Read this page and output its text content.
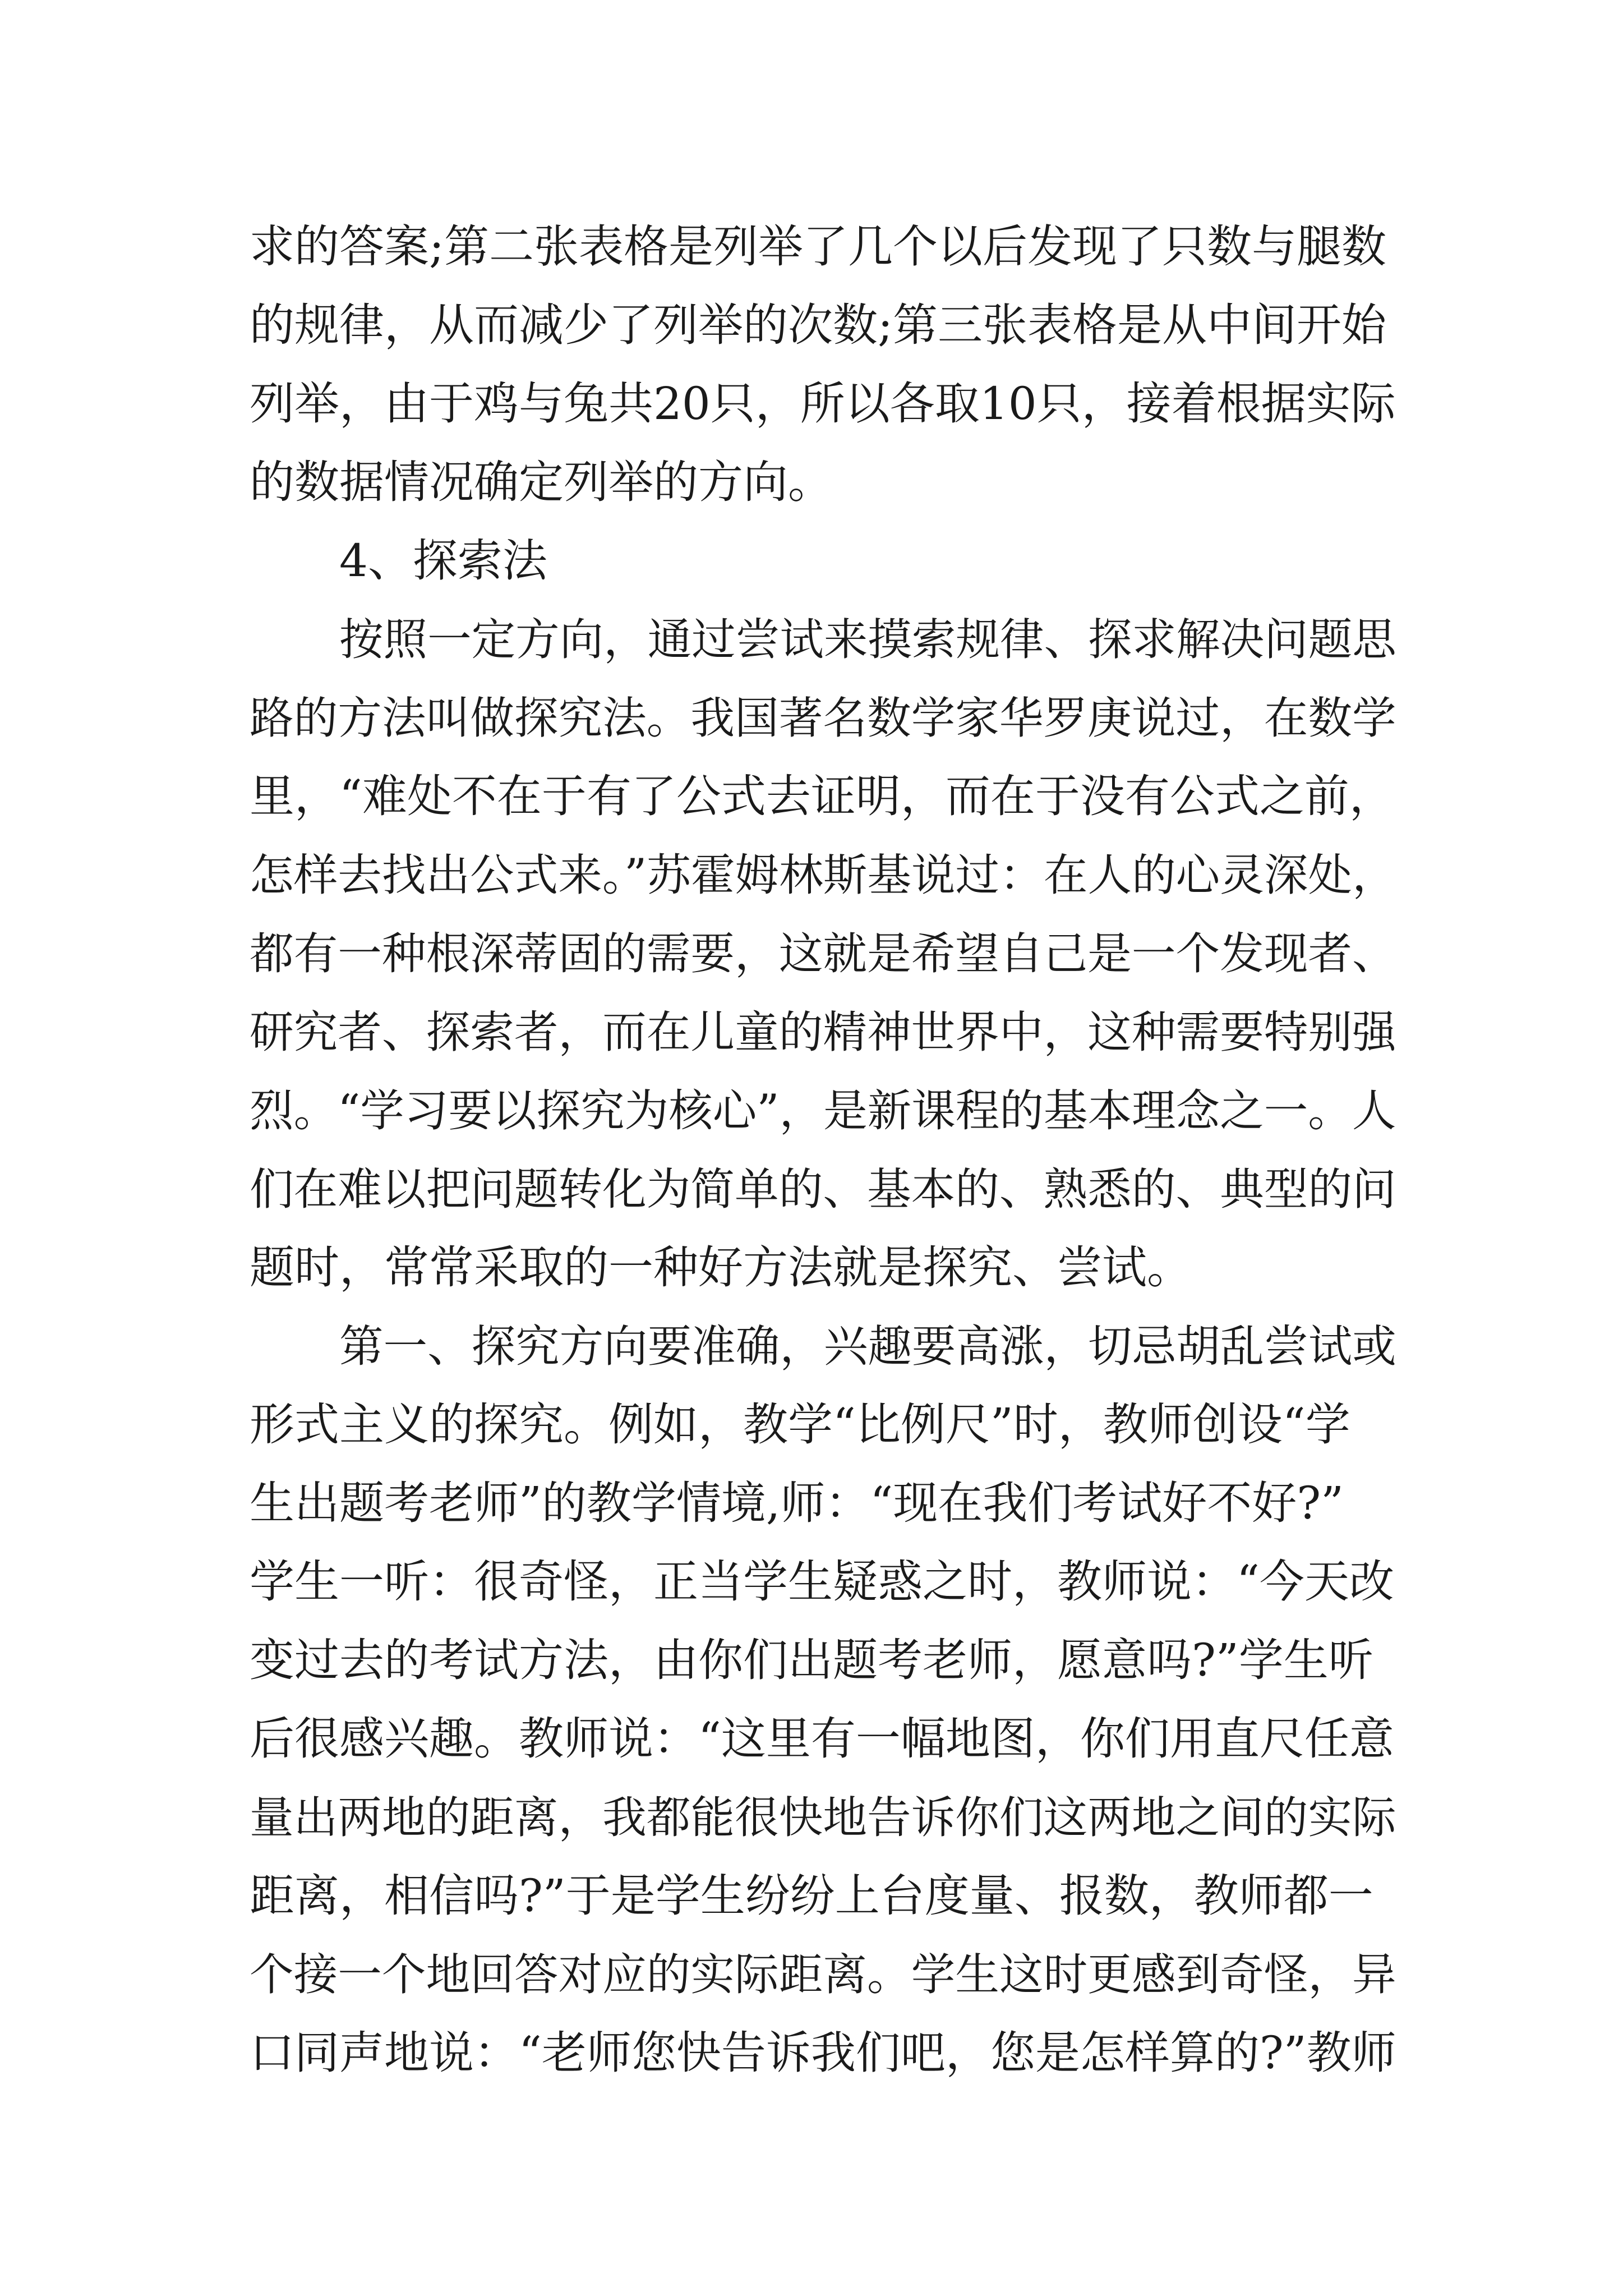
求的答案;第二张表格是列举了几个以后发现了只数与腿数
的规律，从而减少了列举的次数;第三张表格是从中间开始
列举，由于鸡与兔共20只，所以各取10只，接着根据实际
的数据情况确定列举的方向。
4、探索法
按照一定方向，通过尝试来摸索规律、探求解决问题思
路的方法叫做探究法。我国著名数学家华罗庚说过，在数学
里，“难处不在于有了公式去证明，而在于没有公式之前，
怎样去找出公式来。”苏霍姆林斯基说过：在人的心灵深处，
都有一种根深蒂固的需要，这就是希望自己是一个发现者、
研究者、探索者，而在儿童的精神世界中，这种需要特别强
烈。“学习要以探究为核心”，是新课程的基本理念之一。人
们在难以把问题转化为简单的、基本的、熟悉的、典型的问
题时，常常采取的一种好方法就是探究、尝试。
第一、探究方向要准确，兴趣要高涨，切忌胡乱尝试或
形式主义的探究。例如，教学“比例尺”时，教师创设“学
生出题考老师”的教学情境,师：“现在我们考试好不好?”
学生一听：很奇怪，正当学生疑惑之时，教师说：“今天改
变过去的考试方法，由你们出题考老师，愿意吗?”学生听
后很感兴趣。教师说：“这里有一幅地图，你们用直尺任意
量出两地的距离，我都能很快地告诉你们这两地之间的实际
距离，相信吗?”于是学生纷纷上台度量、报数，教师都一
个接一个地回答对应的实际距离。学生这时更感到奇怪，异
口同声地说：“老师您快告诉我们吧，您是怎样算的?”教师
